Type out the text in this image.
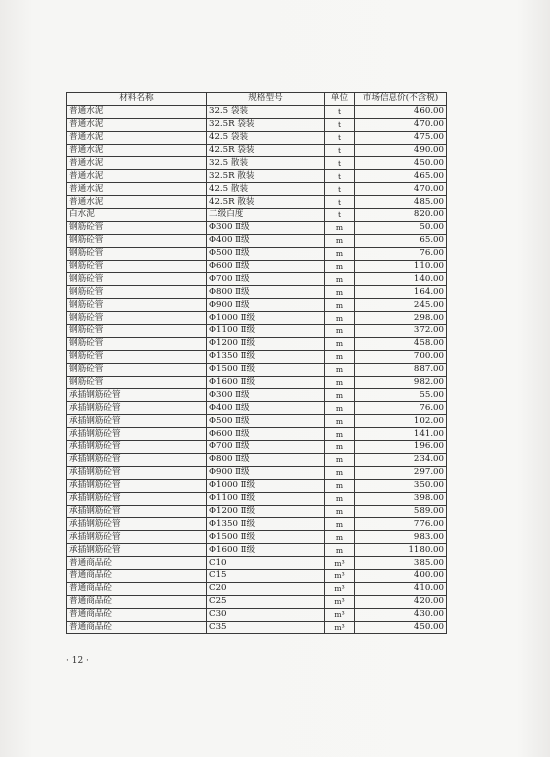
材料名称	规格型号	单位	市场信息价(不含税)
普通水泥	32.5 袋装	t	460.00
普通水泥	32.5R 袋装	t	470.00
普通水泥	42.5 袋装	t	475.00
普通水泥	42.5R 袋装	t	490.00
普通水泥	32.5 散装	t	450.00
普通水泥	32.5R 散装	t	465.00
普通水泥	42.5 散装	t	470.00
普通水泥	42.5R 散装	t	485.00
白水泥	二级白度	t	820.00
钢筋砼管	Φ300 Ⅱ级	m	50.00
钢筋砼管	Φ400 Ⅱ级	m	65.00
钢筋砼管	Φ500 Ⅱ级	m	76.00
钢筋砼管	Φ600 Ⅱ级	m	110.00
钢筋砼管	Φ700 Ⅱ级	m	140.00
钢筋砼管	Φ800 Ⅱ级	m	164.00
钢筋砼管	Φ900 Ⅱ级	m	245.00
钢筋砼管	Φ1000 Ⅱ级	m	298.00
钢筋砼管	Φ1100 Ⅱ级	m	372.00
钢筋砼管	Φ1200 Ⅱ级	m	458.00
钢筋砼管	Φ1350 Ⅱ级	m	700.00
钢筋砼管	Φ1500 Ⅱ级	m	887.00
钢筋砼管	Φ1600 Ⅱ级	m	982.00
承插钢筋砼管	Φ300 Ⅱ级	m	55.00
承插钢筋砼管	Φ400 Ⅱ级	m	76.00
承插钢筋砼管	Φ500 Ⅱ级	m	102.00
承插钢筋砼管	Φ600 Ⅱ级	m	141.00
承插钢筋砼管	Φ700 Ⅱ级	m	196.00
承插钢筋砼管	Φ800 Ⅱ级	m	234.00
承插钢筋砼管	Φ900 Ⅱ级	m	297.00
承插钢筋砼管	Φ1000 Ⅱ级	m	350.00
承插钢筋砼管	Φ1100 Ⅱ级	m	398.00
承插钢筋砼管	Φ1200 Ⅱ级	m	589.00
承插钢筋砼管	Φ1350 Ⅱ级	m	776.00
承插钢筋砼管	Φ1500 Ⅱ级	m	983.00
承插钢筋砼管	Φ1600 Ⅱ级	m	1180.00
普通商品砼	C10	m³	385.00
普通商品砼	C15	m³	400.00
普通商品砼	C20	m³	410.00
普通商品砼	C25	m³	420.00
普通商品砼	C30	m³	430.00
普通商品砼	C35	m³	450.00
· 12 ·
